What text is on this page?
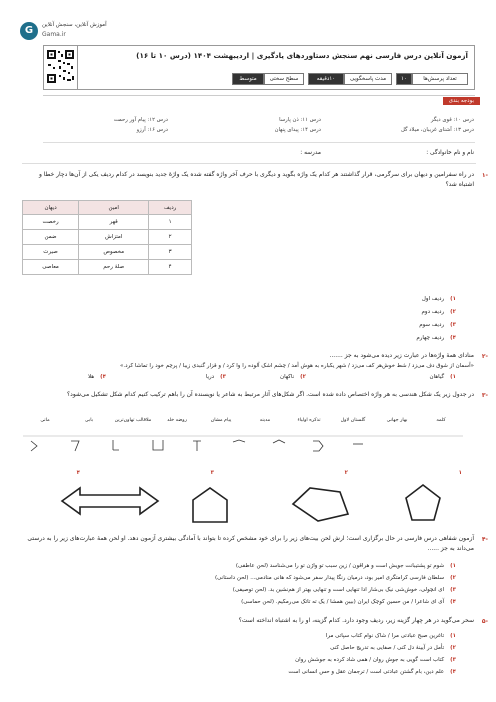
G	آموزش آنلاین، سنجش آنلاین
Gama.ir
آزمون آنلاین درس فارسی نهم سنجش دستاوردهای یادگیری | اردیبهشت ۱۴۰۴ (درس ۱۰ تا ۱۶)
تعداد پرسش‌ها
۱۰
مدت پاسخگویی
۱۰دقیقه
سطح سختی
متوسط
بودجه بندی
درس ۱۰: قوی دیگر
درس ۱۱: ذن پارسا
درس ۱۲: پیام آور رحمت
درس ۱۳: آشنای غریبان، میلاد گل
درس ۱۴: پیدای پنهان
درس ۱۶: آرزو
نام و نام خانوادگی :
مدرسه :
۱-
در راه سفرامین و دیهان برای سرگرمی، قرار گذاشتند هر کدام یک واژه بگوید و دیگری با حرف آخر واژه گفته شده یک واژهٔ جدید بنویسد در کدام ردیف یکی از آن‌ها دچار خطا و اشتباه شد؟
ردیف	امین	دیهان
۱	قهر	رخصت
۲	امتزاش	ضمن
۳	مخصوص	صیرت
۴	صلهٔ رحم	معاصی
۱)ردیف اول
۲)ردیف دوم
۳)ردیف سوم
۴)ردیف چهارم
۲-
منادای همهٔ واژه‌ها در عبارت زیر دیده می‌شود به جز .......
«آسمان از شوق دف می‌زد / شط خوش‌هر کف می‌زد / شهر یکباره به هوش آمد / چشم اشک آلوده را وا کرد / و قزار گنبدی زیبا / پرچم خود را تماشا کرد.»
۱)گیاهان
۲)ناکهان
۳)دریا
۴)هلا
۳-
در جدول زیر یک شکل هندسی به هر واژه اختصاص داده شده است. اگر شکل‌های آثار مرتبط به شاعر یا نویسنده آن را باهم ترکیب کنیم کدام شکل تشکیل می‌شود؟
کلمه
بهار جهانی
گلستان لاول
تذکره اولیاء
مدینه
پیام مشان
روضه خلد
ملاقالب تهاون‌ترین
بابی
ماتی
۱
۲
۳
۴
۴-
آزمون شفاهی درس فارسی در حال برگزاری است؛ ارش لحن بیت‌های زیر را برای خود مشخص کرده تا بتواند با آمادگی بیشتری آزمون دهد. او لحن همهٔ عبارت‌های زیر را به درستی می‌داند به جز ......
۱)شوم تو پشتیبانت جویش است و هراقون / زین سبب تو واژن تو را می‌شناسد (لحن عاطفی)
۲)سلطان فارسی کرامتگری امیر بود، درمیان رنگا پیدار سفر می‌شود که هانی منادمی... (لحن داستانی)
۳)ای انچولی، خوش‌شی نیک بی‌شار ادا تنهایی است و تنهایی بهتر از هم‌نشین بد. (لحن توصیفی)
۴)آی ای شاعرا / من حسین کوچک ایران (بیبن همشا / یک ته تاتک می‌رمکیم. (لحن حماسی)
۵-
سحر می‌گوید در هر چهار گزینه زیر، ردیف وجود دارد. کدام گزینه، او را به اشتباه انداخته است؟
۱)تاغرین صبح عبادتی مرا / شاک نوام کتاب سپاتی مرا
۲)تأمل در آیینهٔ دل کنی / صفایی به تدریج حاصل کنی
۳)کتاب است گویی به جوش روان / همی شاد کرده به جوشش روان
۴)علم دین، بام گشتن عبادتی است / ترجمان عقل و حس انسانی است
